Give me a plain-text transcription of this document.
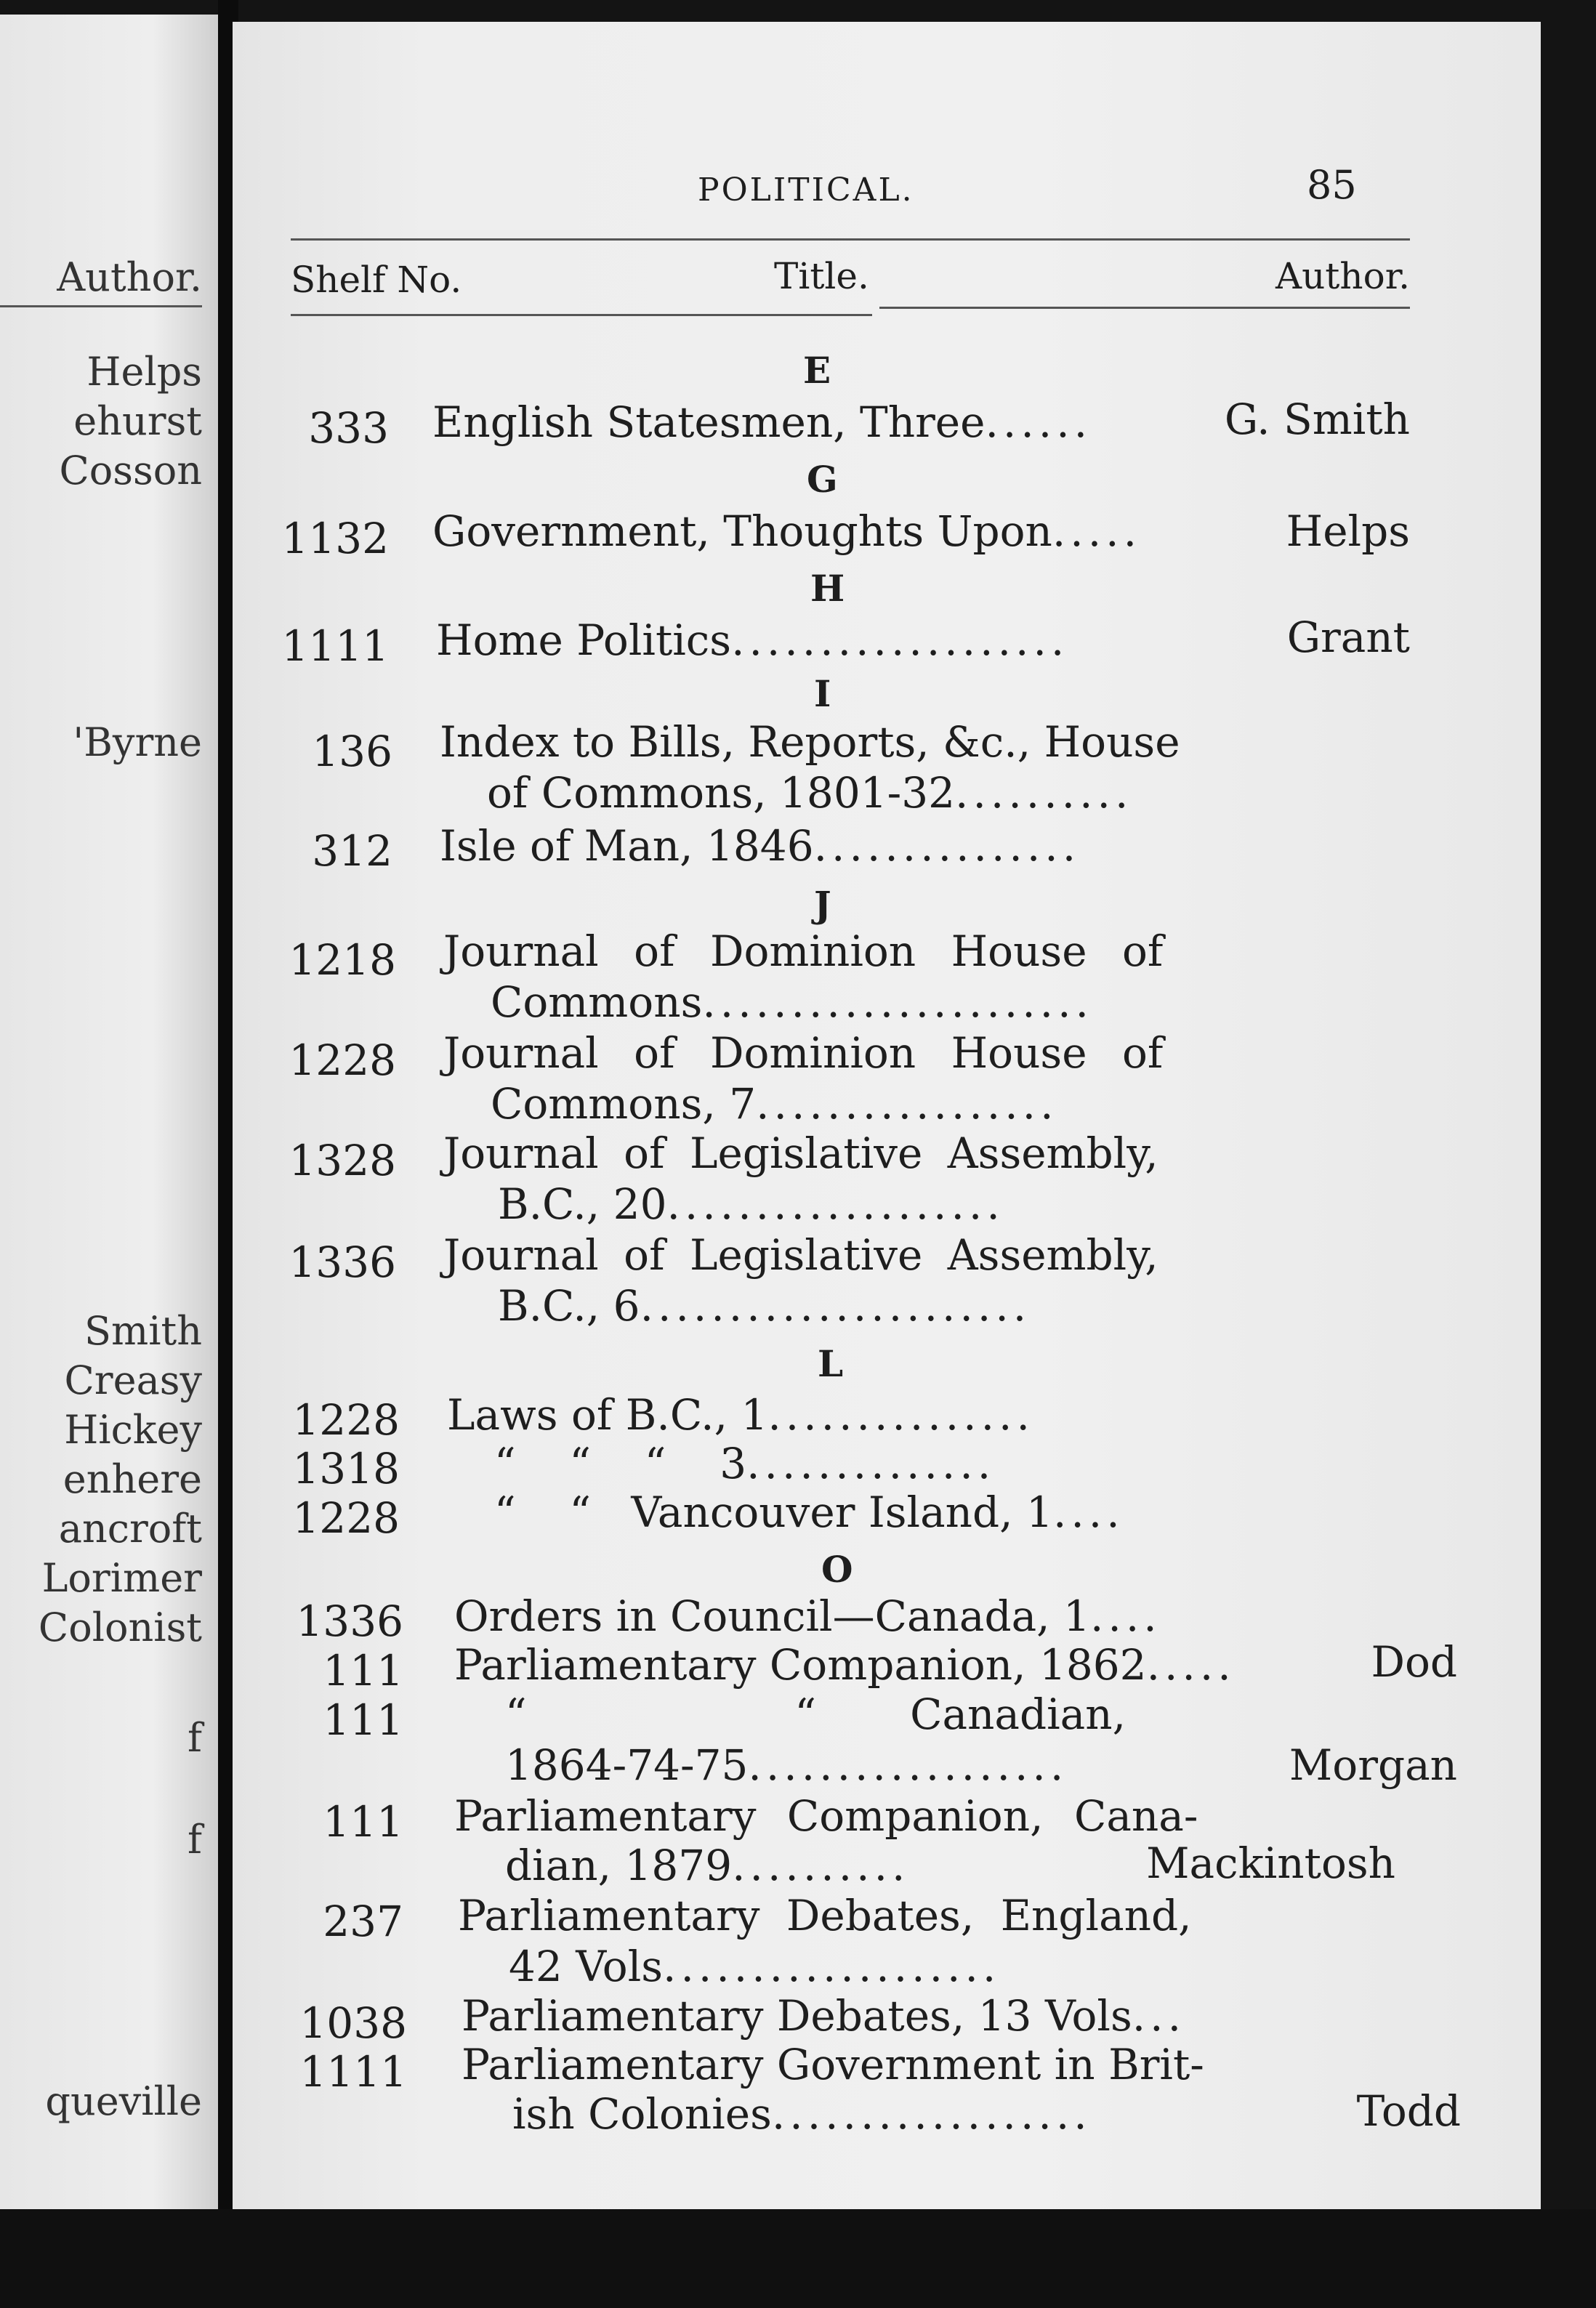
Author.
Helps
ehurst
Cosson
'Byrne
Smith
Creasy
Hickey
enhere
ancroft
Lorimer
Colonist
f
f
queville
POLITICAL.	85
Shelf No.	Title.	Author.
E
333 English Statesmen, Three......	G. Smith
G
1132 Government, Thoughts Upon.....	Helps
H
1111 Home Politics...................	Grant
I
136 Index to Bills, Reports, &c., House
of Commons, 1801-32..........
312 Isle of Man, 1846...............
J
1218 Journal of Dominion House of
Commons......................
1228 Journal of Dominion House of
Commons, 7.................
1328 Journal of Legislative Assembly,
B.C., 20...................
1336 Journal of Legislative Assembly,
B.C., 6......................
L
1228 Laws of B.C., 1...............
1318 “    “    “    3..............
1228 “    “   Vancouver Island, 1....
O
1336 Orders in Council—Canada, 1....
111 Parliamentary Companion, 1862.....	Dod
111 “                    “       Canadian,
1864-74-75..................	Morgan
111 Parliamentary Companion, Cana-
dian, 1879..........	Mackintosh
237 Parliamentary Debates, England,
42 Vols...................
1038 Parliamentary Debates, 13 Vols...
1111 Parliamentary Government in Brit-
ish Colonies..................	Todd
